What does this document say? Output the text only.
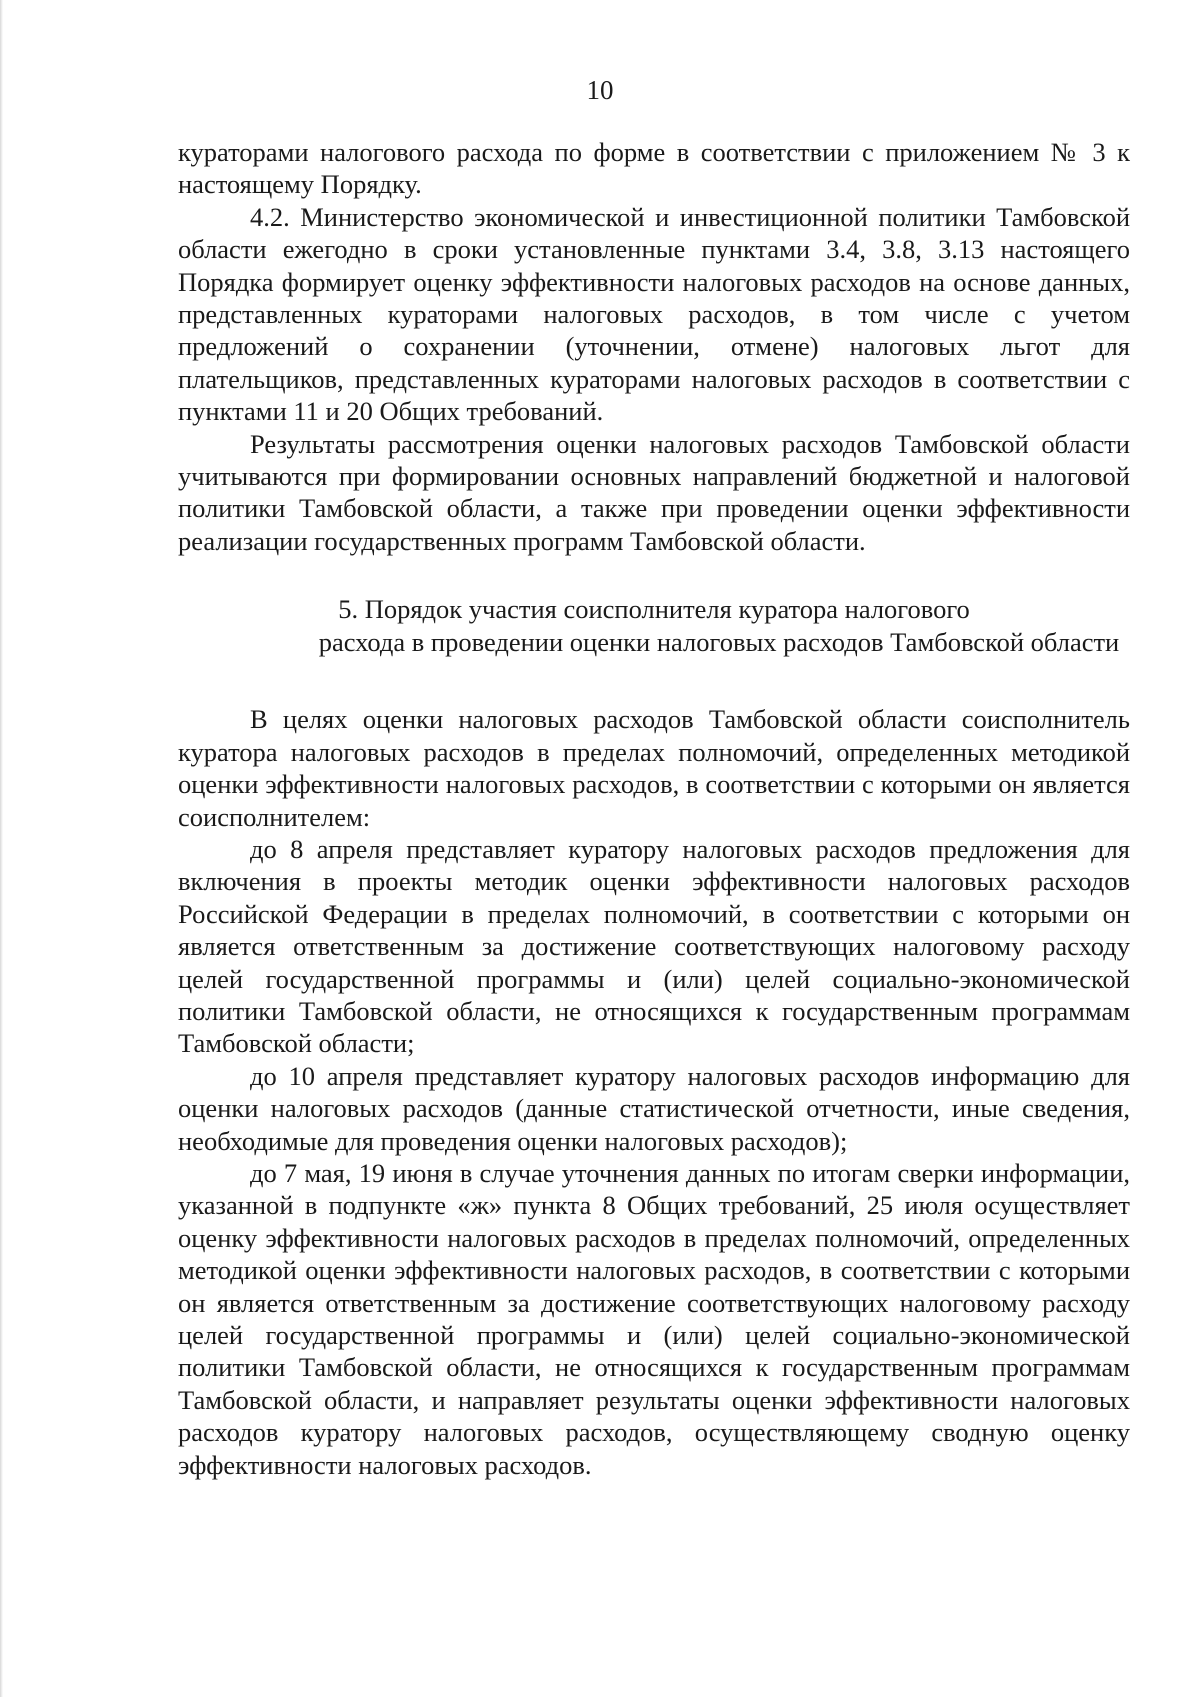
10

кураторами налогового расхода по форме в соответствии с приложением № 3 к настоящему Порядку.

4.2. Министерство экономической и инвестиционной политики Тамбовской области ежегодно в сроки установленные пунктами 3.4, 3.8, 3.13 настоящего Порядка формирует оценку эффективности налоговых расходов на основе данных, представленных кураторами налоговых расходов, в том числе с учетом предложений о сохранении (уточнении, отмене) налоговых льгот для плательщиков, представленных кураторами налоговых расходов в соответствии с пунктами 11 и 20 Общих требований.

Результаты рассмотрения оценки налоговых расходов Тамбовской области учитываются при формировании основных направлений бюджетной и налоговой политики Тамбовской области, а также при проведении оценки эффективности реализации государственных программ Тамбовской области.

5. Порядок участия соисполнителя куратора налогового
расхода в проведении оценки налоговых расходов Тамбовской области

В целях оценки налоговых расходов Тамбовской области соисполнитель куратора налоговых расходов в пределах полномочий, определенных методикой оценки эффективности налоговых расходов, в соответствии с которыми он является соисполнителем:

до 8 апреля представляет куратору налоговых расходов предложения для включения в проекты методик оценки эффективности налоговых расходов Российской Федерации в пределах полномочий, в соответствии с которыми он является ответственным за достижение соответствующих налоговому расходу целей государственной программы и (или) целей социально-экономической политики Тамбовской области, не относящихся к государственным программам Тамбовской области;

до 10 апреля представляет куратору налоговых расходов информацию для оценки налоговых расходов (данные статистической отчетности, иные сведения, необходимые для проведения оценки налоговых расходов);

до 7 мая, 19 июня в случае уточнения данных по итогам сверки информации, указанной в подпункте «ж» пункта 8 Общих требований, 25 июля осуществляет оценку эффективности налоговых расходов в пределах полномочий, определенных методикой оценки эффективности налоговых расходов, в соответствии с которыми он является ответственным за достижение соответствующих налоговому расходу целей государственной программы и (или) целей социально-экономической политики Тамбовской области, не относящихся к государственным программам Тамбовской области, и направляет результаты оценки эффективности налоговых расходов куратору налоговых расходов, осуществляющему сводную оценку эффективности налоговых расходов.
